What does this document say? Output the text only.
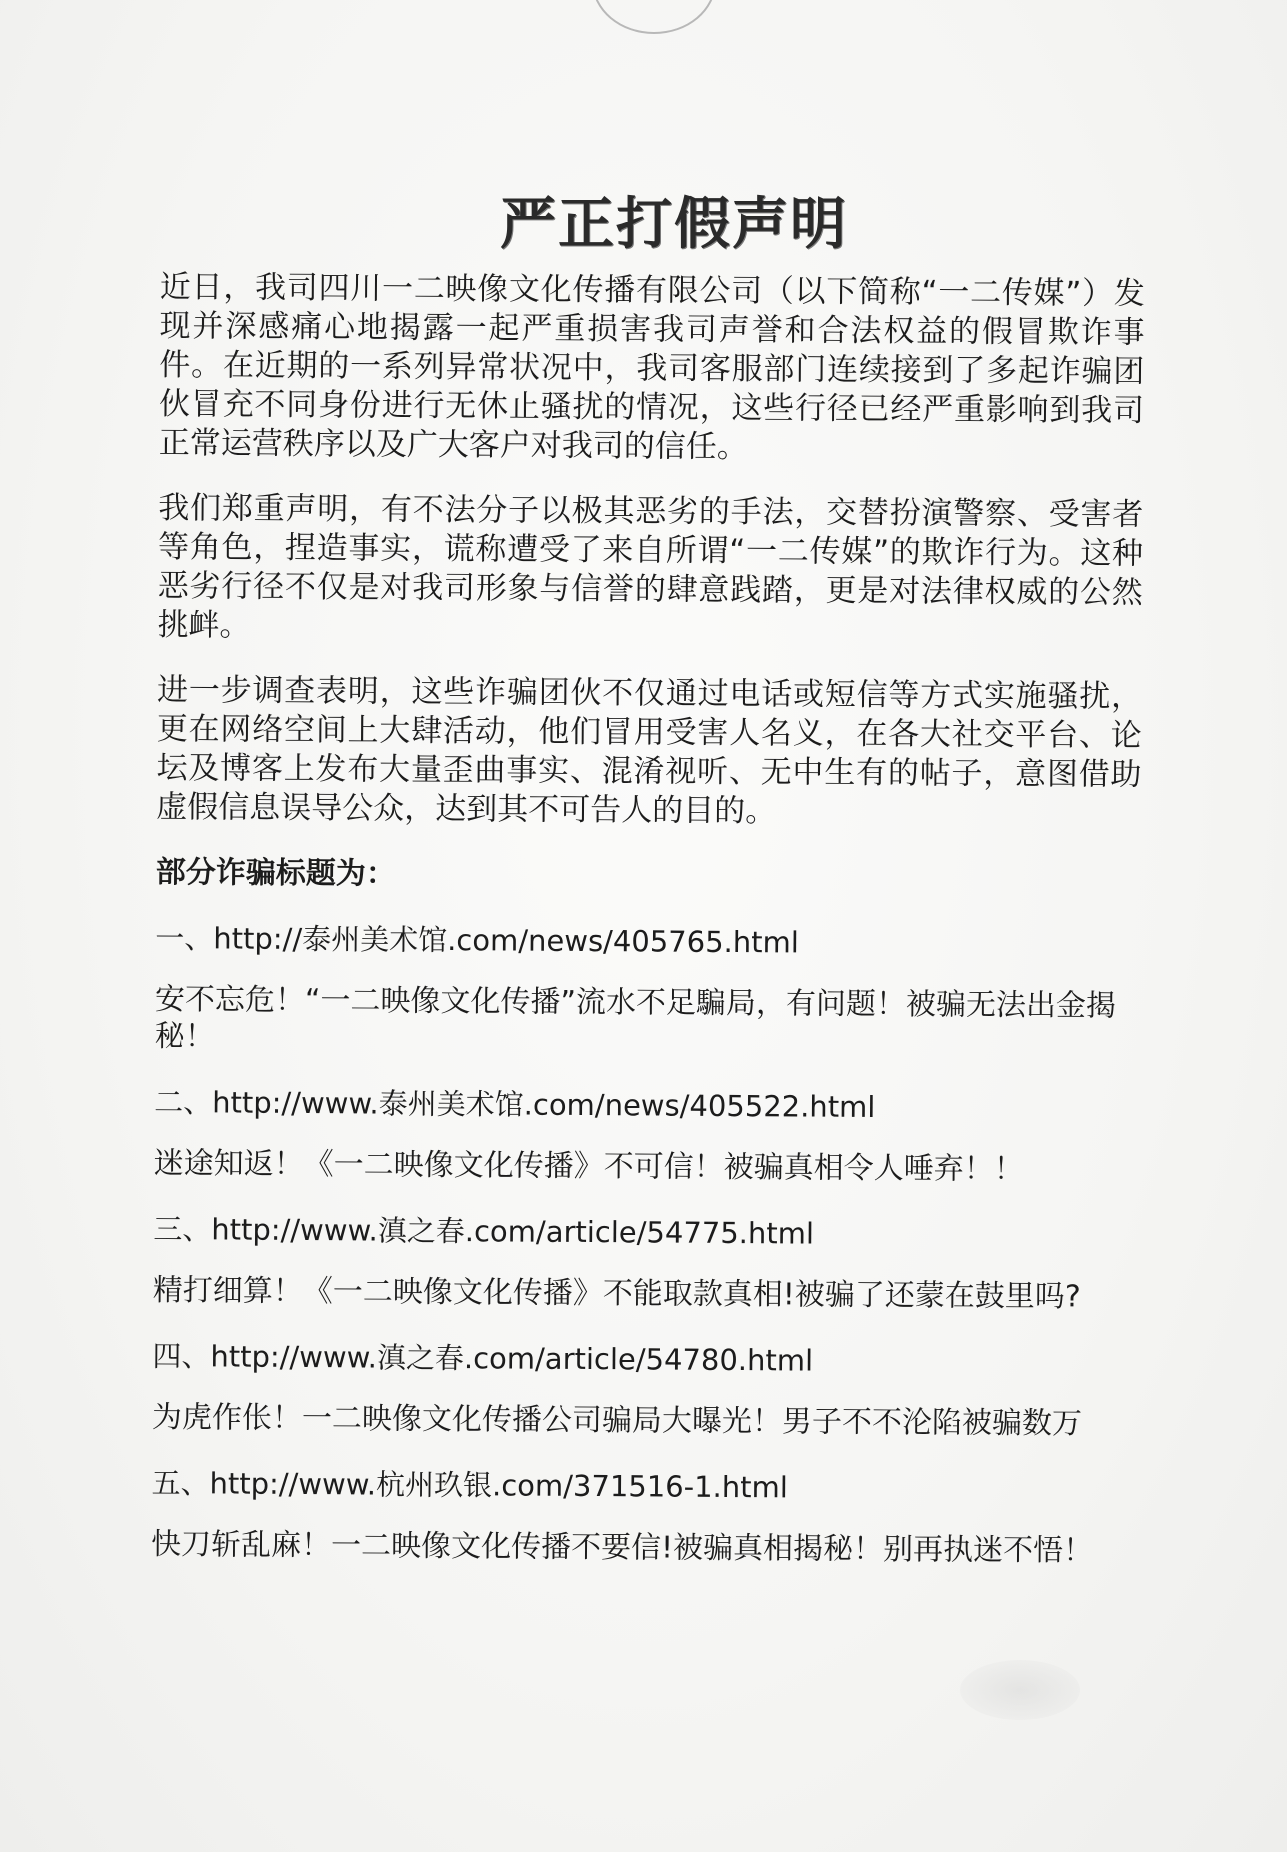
严正打假声明

近日，我司四川一二映像文化传播有限公司（以下简称“一二传媒”）发现并深感痛心地揭露一起严重损害我司声誉和合法权益的假冒欺诈事件。在近期的一系列异常状况中，我司客服部门连续接到了多起诈骗团伙冒充不同身份进行无休止骚扰的情况，这些行径已经严重影响到我司正常运营秩序以及广大客户对我司的信任。

我们郑重声明，有不法分子以极其恶劣的手法，交替扮演警察、受害者等角色，捏造事实，谎称遭受了来自所谓“一二传媒”的欺诈行为。这种恶劣行径不仅是对我司形象与信誉的肆意践踏，更是对法律权威的公然挑衅。

进一步调查表明，这些诈骗团伙不仅通过电话或短信等方式实施骚扰，更在网络空间上大肆活动，他们冒用受害人名义，在各大社交平台、论坛及博客上发布大量歪曲事实、混淆视听、无中生有的帖子，意图借助虚假信息误导公众，达到其不可告人的目的。

部分诈骗标题为：

一、http://泰州美术馆.com/news/405765.html

安不忘危！“一二映像文化传播”流水不足騙局，有问题！被骗无法出金揭秘！

二、http://www.泰州美术馆.com/news/405522.html

迷途知返！《一二映像文化传播》不可信！被骗真相令人唾弃！！

三、http://www.滇之春.com/article/54775.html

精打细算！《一二映像文化传播》不能取款真相!被骗了还蒙在鼓里吗?

四、http://www.滇之春.com/article/54780.html

为虎作伥！一二映像文化传播公司骗局大曝光！男子不不沦陷被骗数万

五、http://www.杭州玖银.com/371516-1.html

快刀斩乱麻！一二映像文化传播不要信!被骗真相揭秘！别再执迷不悟！
